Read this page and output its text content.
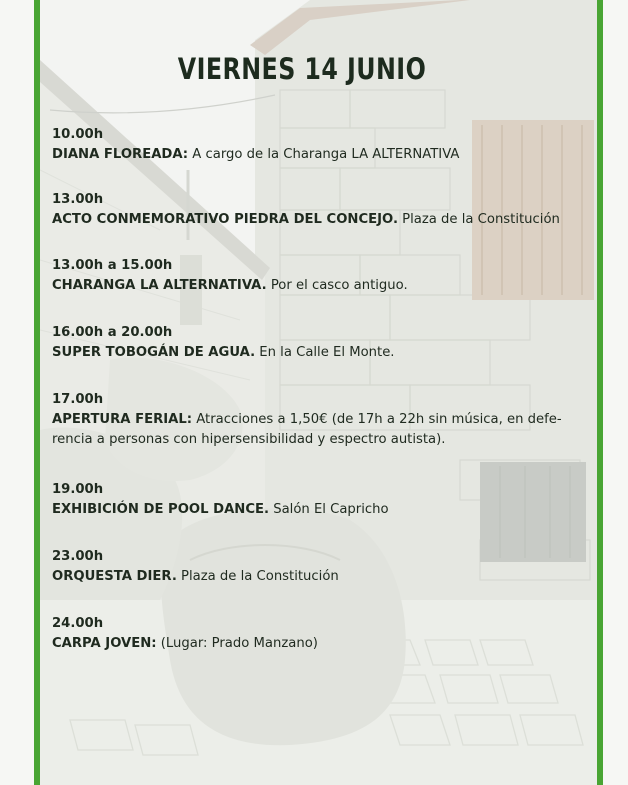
VIERNES 14 JUNIO
10.00h
DIANA FLOREADA: A cargo de la Charanga LA ALTERNATIVA
13.00h
ACTO CONMEMORATIVO PIEDRA DEL CONCEJO. Plaza de la Constitución
13.00h a 15.00h
CHARANGA LA ALTERNATIVA. Por el casco antiguo.
16.00h a 20.00h
SUPER TOBOGÁN DE AGUA. En la Calle El Monte.
17.00h
APERTURA FERIAL: Atracciones a 1,50€ (de 17h a 22h sin música, en defe-
rencia a personas con hipersensibilidad y espectro autista).
19.00h
EXHIBICIÓN DE POOL DANCE. Salón El Capricho
23.00h
ORQUESTA DIER. Plaza de la Constitución
24.00h
CARPA JOVEN: (Lugar: Prado Manzano)
